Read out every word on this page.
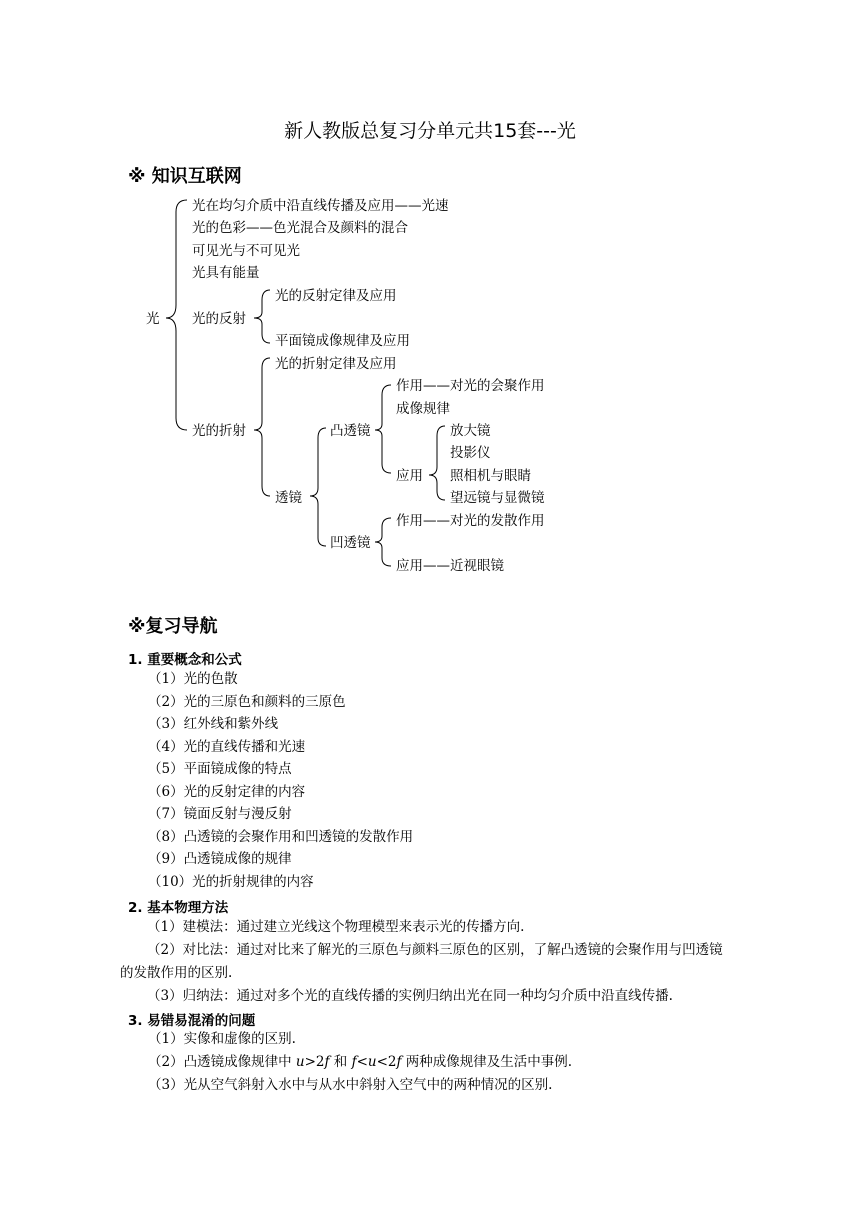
新人教版总复习分单元共15套---光
※ 知识互联网
光
光在均匀介质中沿直线传播及应用——光速
光的色彩——色光混合及颜料的混合
可见光与不可见光
光具有能量
光的反射
光的反射定律及应用
平面镜成像规律及应用
光的折射
光的折射定律及应用
透镜
凸透镜
作用——对光的会聚作用
成像规律
应用
放大镜
投影仪
照相机与眼睛
望远镜与显微镜
凹透镜
作用——对光的发散作用
应用——近视眼镜
※复习导航
1. 重要概念和公式
（1）光的色散
（2）光的三原色和颜料的三原色
（3）红外线和紫外线
（4）光的直线传播和光速
（5）平面镜成像的特点
（6）光的反射定律的内容
（7）镜面反射与漫反射
（8）凸透镜的会聚作用和凹透镜的发散作用
（9）凸透镜成像的规律
（10）光的折射规律的内容
2. 基本物理方法
（1）建模法：通过建立光线这个物理模型来表示光的传播方向.
（2）对比法：通过对比来了解光的三原色与颜料三原色的区别，了解凸透镜的会聚作用与凹透镜的发散作用的区别.
（3）归纳法：通过对多个光的直线传播的实例归纳出光在同一种均匀介质中沿直线传播.
3. 易错易混淆的问题
（1）实像和虚像的区别.
（2）凸透镜成像规律中 u>2f 和 f<u<2f 两种成像规律及生活中事例.
（3）光从空气斜射入水中与从水中斜射入空气中的两种情况的区别.
